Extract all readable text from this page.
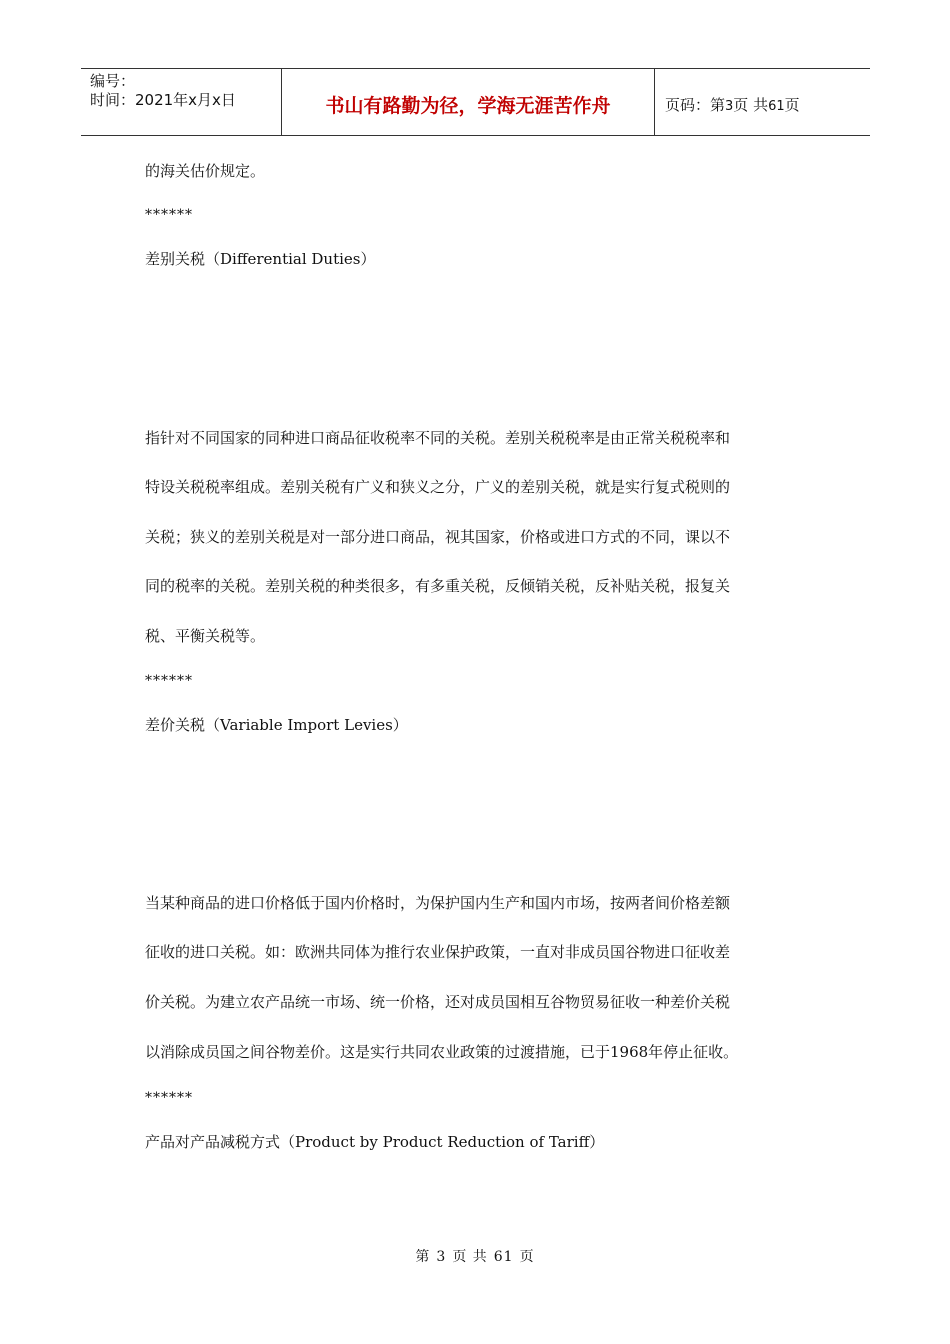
编号：
时间：2021年x月x日	书山有路勤为径，学海无涯苦作舟	页码：第3页 共61页
的海关估价规定。
******
差别关税（Differential Duties）
指针对不同国家的同种进口商品征收税率不同的关税。差别关税税率是由正常关税税率和
特设关税税率组成。差别关税有广义和狭义之分，广义的差别关税，就是实行复式税则的
关税；狭义的差别关税是对一部分进口商品，视其国家，价格或进口方式的不同，课以不
同的税率的关税。差别关税的种类很多，有多重关税，反倾销关税，反补贴关税，报复关
税、平衡关税等。
******
差价关税（Variable Import Levies）
当某种商品的进口价格低于国内价格时，为保护国内生产和国内市场，按两者间价格差额
征收的进口关税。如：欧洲共同体为推行农业保护政策，一直对非成员国谷物进口征收差
价关税。为建立农产品统一市场、统一价格，还对成员国相互谷物贸易征收一种差价关税
以消除成员国之间谷物差价。这是实行共同农业政策的过渡措施，已于1968年停止征收。
******
产品对产品减税方式（Product by Product Reduction of Tariff）
第 3 页 共 61 页
